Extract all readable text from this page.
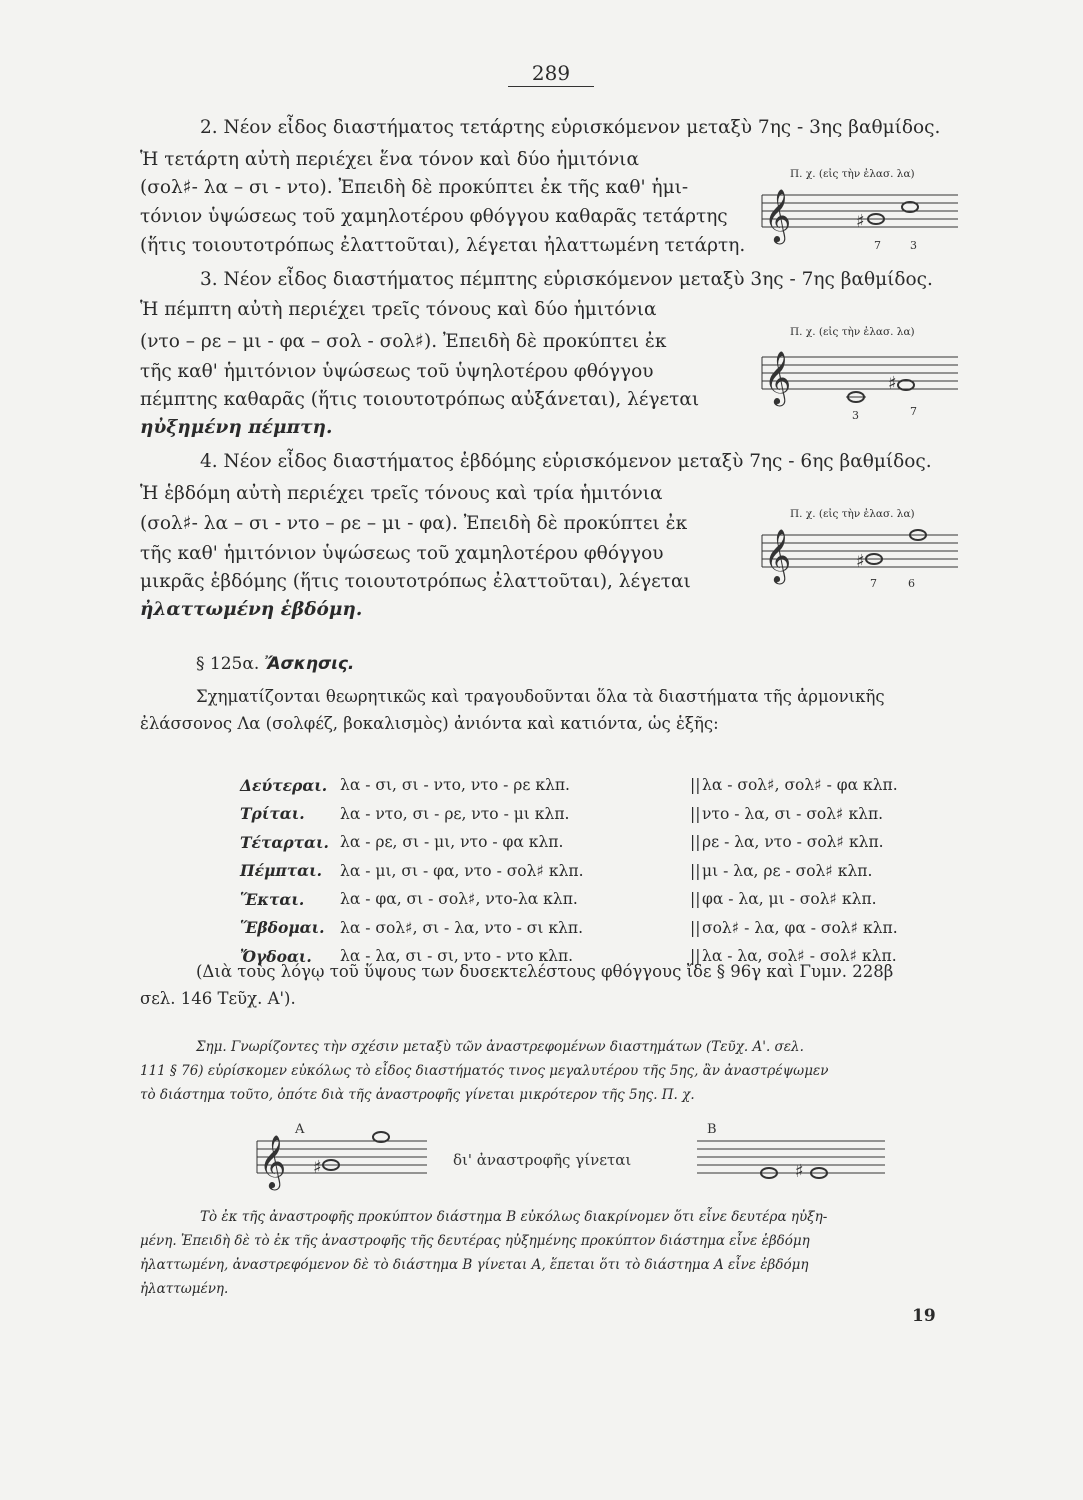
289
2. Νέον εἶδος διαστήματος τετάρτης εὑρισκόμενον μεταξὺ 7ης - 3ης βαθμίδος.
Ἡ τετάρτη αὐτὴ περιέχει ἕνα τόνον καὶ δύο ἡμιτόνια
(σολ♯- λα – σι - ντο). Ἐπειδὴ δὲ προκύπτει ἐκ τῆς καθ' ἡμι-
τόνιον ὑψώσεως τοῦ χαμηλοτέρου φθόγγου καθαρᾶς τετάρτης
(ἥτις τοιουτοτρόπως ἐλαττοῦται), λέγεται ἠλαττωμένη τετάρτη.
Π. χ. (εἰς τὴν ἐλασ. λα)
𝄞	♯
7	3
3. Νέον εἶδος διαστήματος πέμπτης εὑρισκόμενον μεταξὺ 3ης - 7ης βαθμίδος.
Ἡ πέμπτη αὐτὴ περιέχει τρεῖς τόνους καὶ δύο ἡμιτόνια
(ντο – ρε – μι - φα – σολ - σολ♯). Ἐπειδὴ δὲ προκύπτει ἐκ
τῆς καθ' ἡμιτόνιον ὑψώσεως τοῦ ὑψηλοτέρου φθόγγου
πέμπτης καθαρᾶς (ἥτις τοιουτοτρόπως αὐξάνεται), λέγεται
ηὐξημένη πέμπτη.
Π. χ. (εἰς τὴν ἐλασ. λα)
𝄞	♯
3	7
4. Νέον εἶδος διαστήματος ἑβδόμης εὑρισκόμενον μεταξὺ 7ης - 6ης βαθμίδος.
Ἡ ἑβδόμη αὐτὴ περιέχει τρεῖς τόνους καὶ τρία ἡμιτόνια
(σολ♯- λα – σι - ντο – ρε – μι - φα). Ἐπειδὴ δὲ προκύπτει ἐκ
τῆς καθ' ἡμιτόνιον ὑψώσεως τοῦ χαμηλοτέρου φθόγγου
μικρᾶς ἑβδόμης (ἥτις τοιουτοτρόπως ἐλαττοῦται), λέγεται
ἠλαττωμένη ἑβδόμη.
Π. χ. (εἰς τὴν ἐλασ. λα)
𝄞	♯
7	6
§ 125α. Ἄσκησις.
Σχηματίζονται θεωρητικῶς καὶ τραγουδοῦνται ὅλα τὰ διαστήματα τῆς ἁρμονικῆς
ἐλάσσονος Λα (σολφέζ, βοκαλισμὸς) ἀνιόντα καὶ κατιόντα, ὡς ἑξῆς:
Δεύτεραι. λα - σι, σι - ντο, ντο - ρε κλπ.	|| λα - σολ♯, σολ♯ - φα κλπ.
Τρίται.	λα - ντο, σι - ρε, ντο - μι κλπ.	|| ντο - λα, σι - σολ♯ κλπ.
Τέταρται. λα - ρε, σι - μι, ντο - φα κλπ.	|| ρε - λα, ντο - σολ♯ κλπ.
Πέμπται.	λα - μι, σι - φα, ντο - σολ♯ κλπ.	|| μι - λα, ρε - σολ♯ κλπ.
Ἕκται.	λα - φα, σι - σολ♯, ντο-λα κλπ.	|| φα - λα, μι - σολ♯ κλπ.
Ἕβδομαι.	λα - σολ♯, σι - λα, ντο - σι κλπ.	|| σολ♯ - λα, φα - σολ♯ κλπ.
Ὄγδοαι.	λα - λα, σι - σι, ντο - ντο κλπ.	|| λα - λα, σολ♯ - σολ♯ κλπ.
(Διὰ τοὺς λόγῳ τοῦ ὕψους των δυσεκτελέστους φθόγγους ἴδε § 96γ καὶ Γυμν. 228β
σελ. 146 Τεῦχ. Α').
Σημ. Γνωρίζοντες τὴν σχέσιν μεταξὺ τῶν ἀναστρεφομένων διαστημάτων (Τεῦχ. Α'. σελ.
111 § 76) εὑρίσκομεν εὐκόλως τὸ εἶδος διαστήματός τινος μεγαλυτέρου τῆς 5ης, ἂν ἀναστρέψωμεν
τὸ διάστημα τοῦτο, ὁπότε διὰ τῆς ἀναστροφῆς γίνεται μικρότερον τῆς 5ης. Π. χ.
A
𝄞 ♯	δι' ἀναστροφῆς γίνεται
B
♯
Τὸ ἐκ τῆς ἀναστροφῆς προκύπτον διάστημα Β εὐκόλως διακρίνομεν ὅτι εἶνε δευτέρα ηὐξη-
μένη. Ἐπειδὴ δὲ τὸ ἐκ τῆς ἀναστροφῆς τῆς δευτέρας ηὐξημένης προκύπτον διάστημα εἶνε ἑβδόμη
ἠλαττωμένη, ἀναστρεφόμενον δὲ τὸ διάστημα Β γίνεται Α, ἕπεται ὅτι τὸ διάστημα Α εἶνε ἑβδόμη
ἠλαττωμένη.
19
